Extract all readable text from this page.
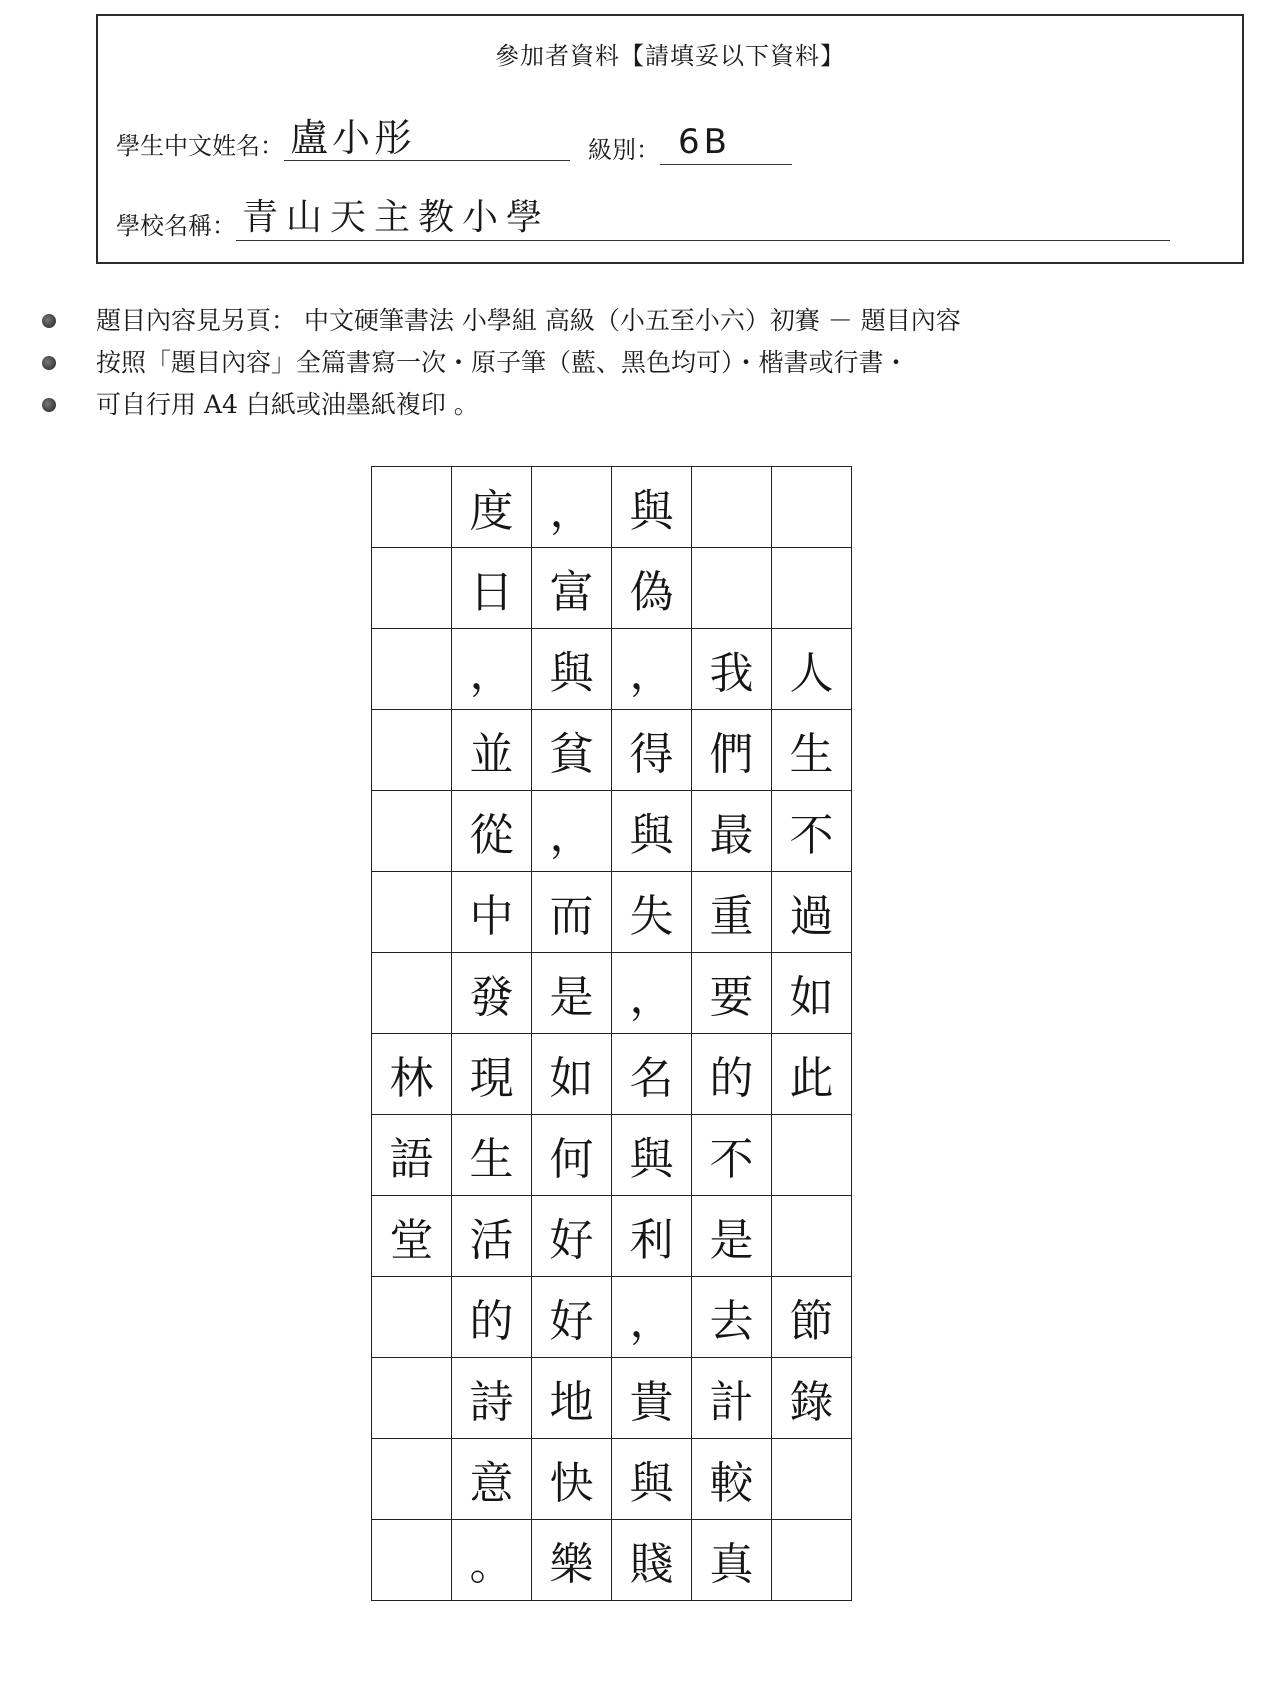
參加者資料【請填妥以下資料】
學生中文姓名： 盧小彤	級別： 6B
學校名稱： 青山天主教小學
題目內容見另頁： 中文硬筆書法 小學組 高級（小五至小六）初賽 － 題目內容
按照「題目內容」全篇書寫一次・原子筆（藍、黑色均可）・楷書或行書・
可自行用 A4 白紙或油墨紙複印 。
度 ， 與
日 富 偽
， 與 ， 我 人
並 貧 得 們 生
從 ， 與 最 不
中 而 失 重 過
發 是 ， 要 如
林 現 如 名 的 此
語 生 何 與 不
堂 活 好 利 是
的 好 ， 去 節
詩 地 貴 計 錄
意 快 與 較
。 樂 賤 真
